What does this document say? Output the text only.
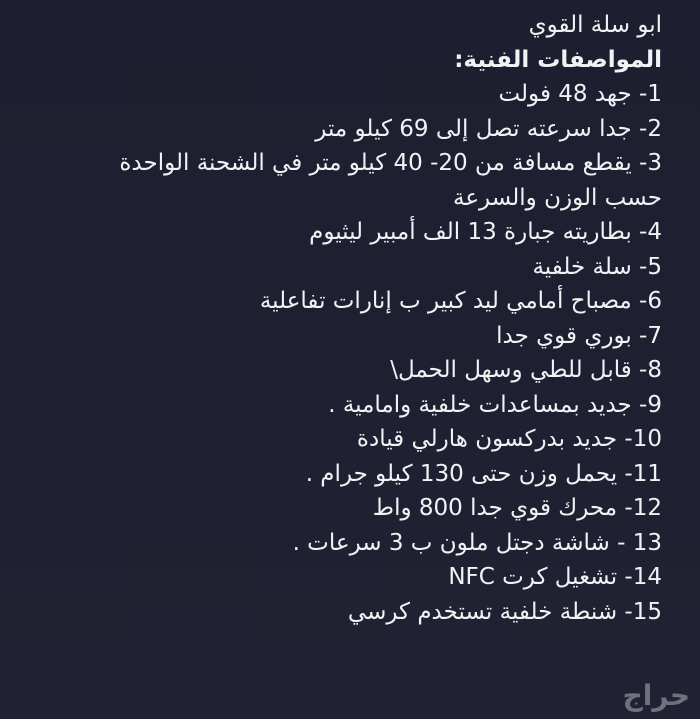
ابو سلة القوي
المواصفات الفنية:
1- جهد 48 فولت
2- جدا سرعته تصل إلى 69 كيلو متر
3- يقطع مسافة من 20- 40 كيلو متر في الشحنة الواحدة
حسب الوزن والسرعة
4- بطاريته جبارة 13 الف أمبير ليثيوم
5- سلة خلفية
6- مصباح أمامي ليد كبير ب إنارات تفاعلية
7- بوري قوي جدا
8- قابل للطي وسهل الحمل\
9- جديد بمساعدات خلفية وامامية .
10- جديد بدركسون هارلي قيادة
11- يحمل وزن حتى 130 كيلو جرام .
12- محرك قوي جدا 800 واط
13 - شاشة دجتل ملون ب 3 سرعات .
14- تشغيل كرت NFC
15- شنطة خلفية تستخدم كرسي
حراج
